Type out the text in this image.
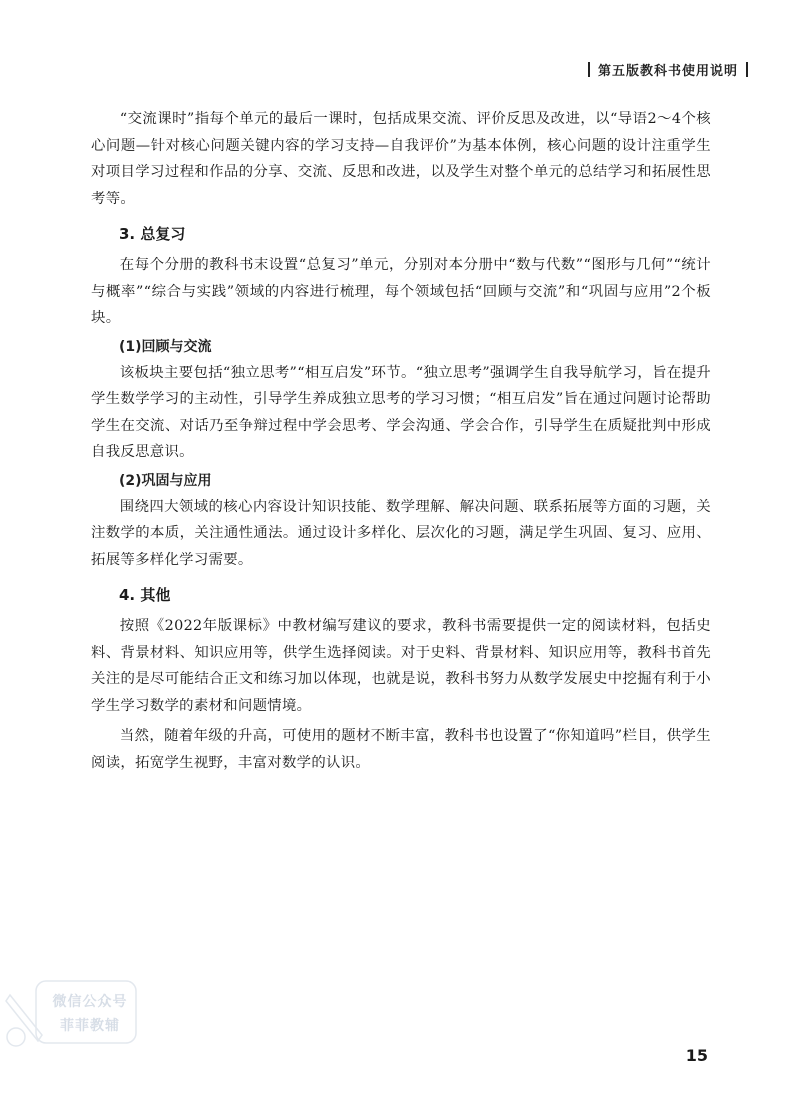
第五版教科书使用说明

“交流课时”指每个单元的最后一课时，包括成果交流、评价反思及改进，以“导语2～4个核心问题—针对核心问题关键内容的学习支持—自我评价”为基本体例，核心问题的设计注重学生对项目学习过程和作品的分享、交流、反思和改进，以及学生对整个单元的总结学习和拓展性思考等。

3. 总复习

在每个分册的教科书末设置“总复习”单元，分别对本分册中“数与代数”“图形与几何”“统计与概率”“综合与实践”领域的内容进行梳理，每个领域包括“回顾与交流”和“巩固与应用”2个板块。

(1)回顾与交流

该板块主要包括“独立思考”“相互启发”环节。“独立思考”强调学生自我导航学习，旨在提升学生数学学习的主动性，引导学生养成独立思考的学习习惯；“相互启发”旨在通过问题讨论帮助学生在交流、对话乃至争辩过程中学会思考、学会沟通、学会合作，引导学生在质疑批判中形成自我反思意识。

(2)巩固与应用

围绕四大领域的核心内容设计知识技能、数学理解、解决问题、联系拓展等方面的习题，关注数学的本质，关注通性通法。通过设计多样化、层次化的习题，满足学生巩固、复习、应用、拓展等多样化学习需要。

4. 其他

按照《2022年版课标》中教材编写建议的要求，教科书需要提供一定的阅读材料，包括史料、背景材料、知识应用等，供学生选择阅读。对于史料、背景材料、知识应用等，教科书首先关注的是尽可能结合正文和练习加以体现，也就是说，教科书努力从数学发展史中挖掘有利于小学生学习数学的素材和问题情境。

当然，随着年级的升高，可使用的题材不断丰富，教科书也设置了“你知道吗”栏目，供学生阅读，拓宽学生视野，丰富对数学的认识。

微信公众号
菲菲教辅
15
